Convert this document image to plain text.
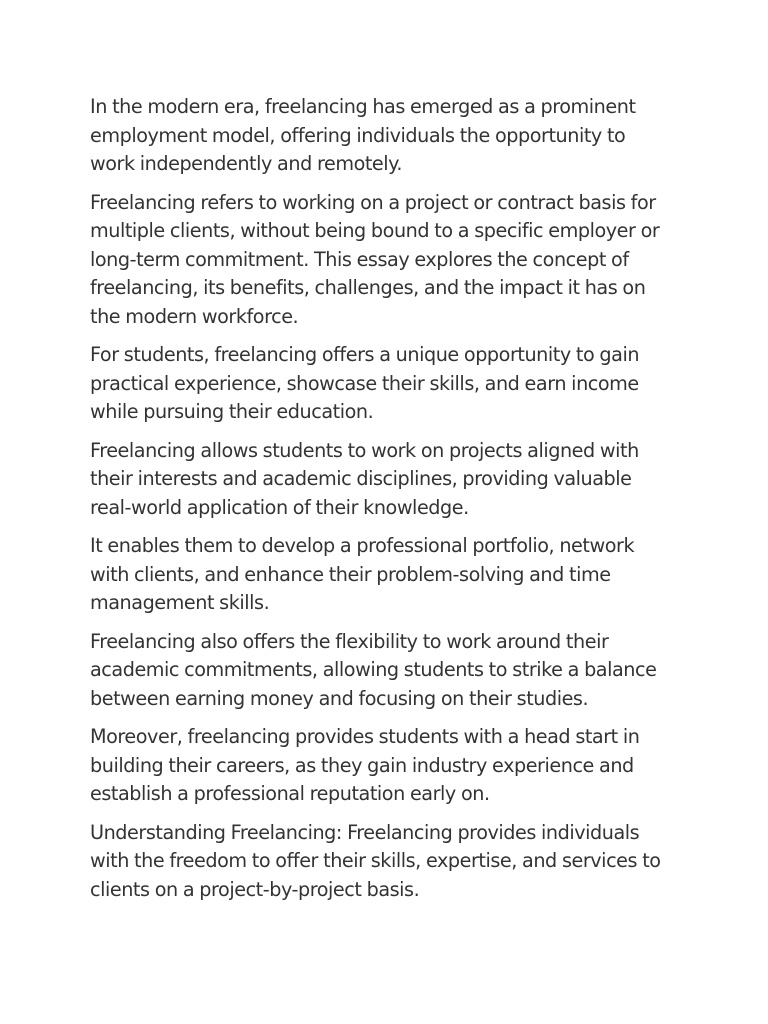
In the modern era, freelancing has emerged as a prominent
employment model, offering individuals the opportunity to
work independently and remotely.

Freelancing refers to working on a project or contract basis for
multiple clients, without being bound to a specific employer or
long-term commitment. This essay explores the concept of
freelancing, its benefits, challenges, and the impact it has on
the modern workforce.

For students, freelancing offers a unique opportunity to gain
practical experience, showcase their skills, and earn income
while pursuing their education.

Freelancing allows students to work on projects aligned with
their interests and academic disciplines, providing valuable
real-world application of their knowledge.

It enables them to develop a professional portfolio, network
with clients, and enhance their problem-solving and time
management skills.

Freelancing also offers the flexibility to work around their
academic commitments, allowing students to strike a balance
between earning money and focusing on their studies.

Moreover, freelancing provides students with a head start in
building their careers, as they gain industry experience and
establish a professional reputation early on.

Understanding Freelancing: Freelancing provides individuals
with the freedom to offer their skills, expertise, and services to
clients on a project-by-project basis.
